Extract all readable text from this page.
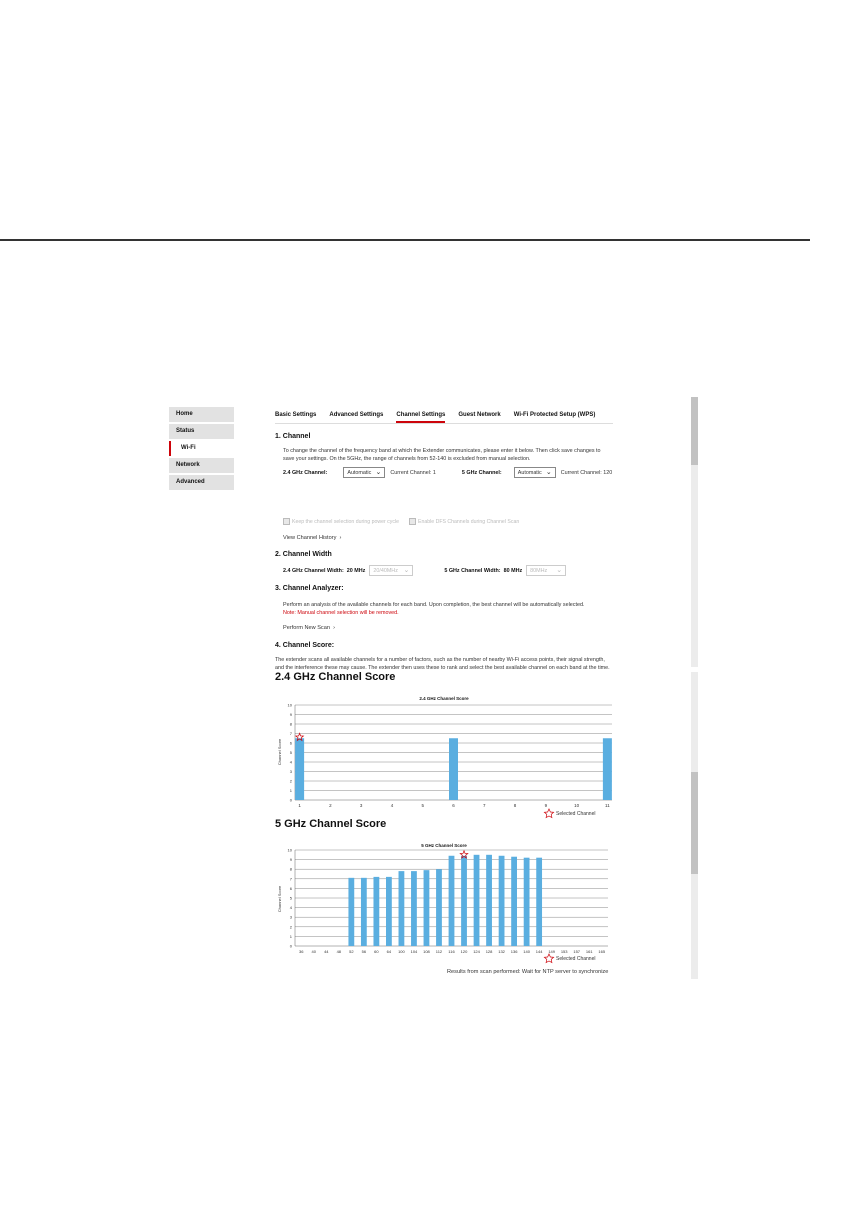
Home
Status
Wi-Fi
Network
Advanced
Basic Settings Advanced Settings Channel Settings Guest Network Wi-Fi Protected Setup (WPS)
1. Channel
To change the channel of the frequency band at which the Extender communicates, please enter it below. Then click save changes to save your settings. On the 5GHz, the range of channels from 52-140 is excluded from manual selection.
2.4 GHz Channel:	Automatic ⌄ Current Channel: 1	5 GHz Channel:	Automatic ⌄ Current Channel: 120
Keep the channel selection during power cycle	Enable DFS Channels during Channel Scan
View Channel History  ›
2. Channel Width
2.4 GHz Channel Width: 20 MHz 20/40MHz ⌄	5 GHz Channel Width: 80 MHz 80MHz ⌄
3. Channel Analyzer:
Perform an analysis of the available channels for each band. Upon completion, the best channel will be automatically selected.
Note: Manual channel selection will be removed.
Perform New Scan  ›
4. Channel Score:
The extender scans all available channels for a number of factors, such as the number of nearby Wi-Fi access points, their signal strength, and the interference these may cause. The extender then uses these to rank and select the best available channel on each band at the time.
2.4 GHz Channel Score
5 GHz Channel Score
2.4 GHz Channel Score
Channel Score
1	2	3	4	5	6	7	8	9	10	11
0
1
2
3
4
5
6
7
8
9
10
Selected Channel
5 GHz Channel Score
Channel Score
36 40 44 48 52 56 60 64 100 104 108 112 116 120 124 128 132 136 140 144 149 153 157 161 165
0
1
2
3
4
5
6
7
8
9
10
Selected Channel
Results from scan performed: Wait for NTP server to synchronize
